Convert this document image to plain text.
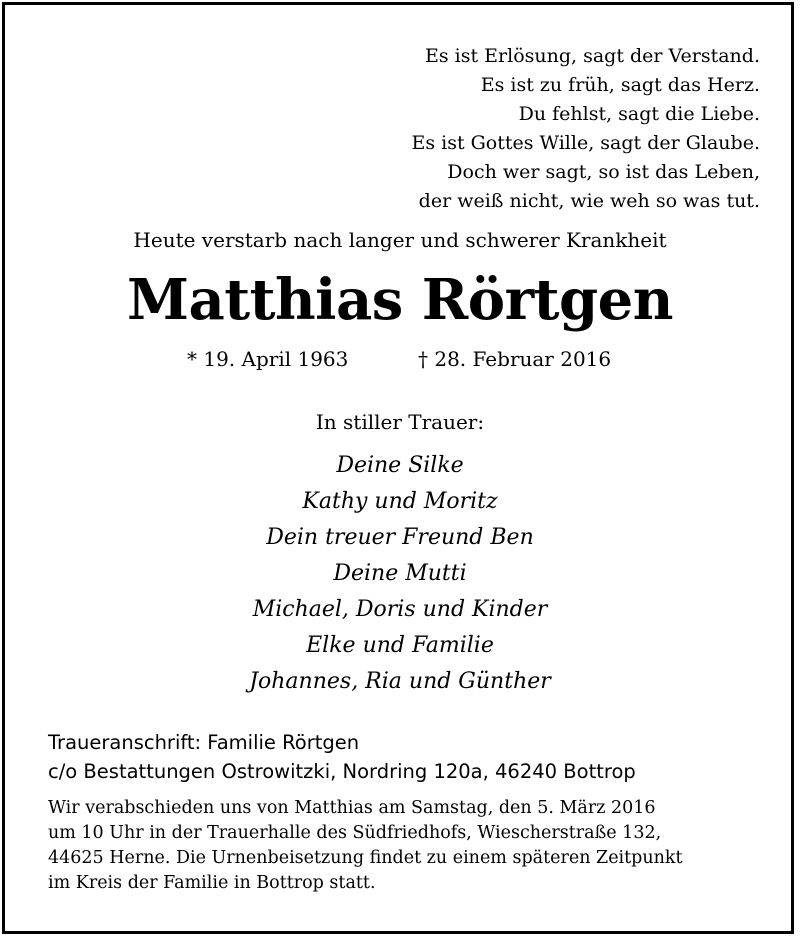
Es ist Erlösung, sagt der Verstand.
Es ist zu früh, sagt das Herz.
Du fehlst, sagt die Liebe.
Es ist Gottes Wille, sagt der Glaube.
Doch wer sagt, so ist das Leben,
der weiß nicht, wie weh so was tut.
Heute verstarb nach langer und schwerer Krankheit
Matthias Rörtgen
* 19. April 1963	† 28. Februar 2016
In stiller Trauer:
Deine Silke
Kathy und Moritz
Dein treuer Freund Ben
Deine Mutti
Michael, Doris und Kinder
Elke und Familie
Johannes, Ria und Günther
Traueranschrift: Familie Rörtgen
c/o Bestattungen Ostrowitzki, Nordring 120a, 46240 Bottrop
Wir verabschieden uns von Matthias am Samstag, den 5. März 2016
um 10 Uhr in der Trauerhalle des Südfriedhofs, Wiescherstraße 132,
44625 Herne. Die Urnenbeisetzung findet zu einem späteren Zeitpunkt
im Kreis der Familie in Bottrop statt.
